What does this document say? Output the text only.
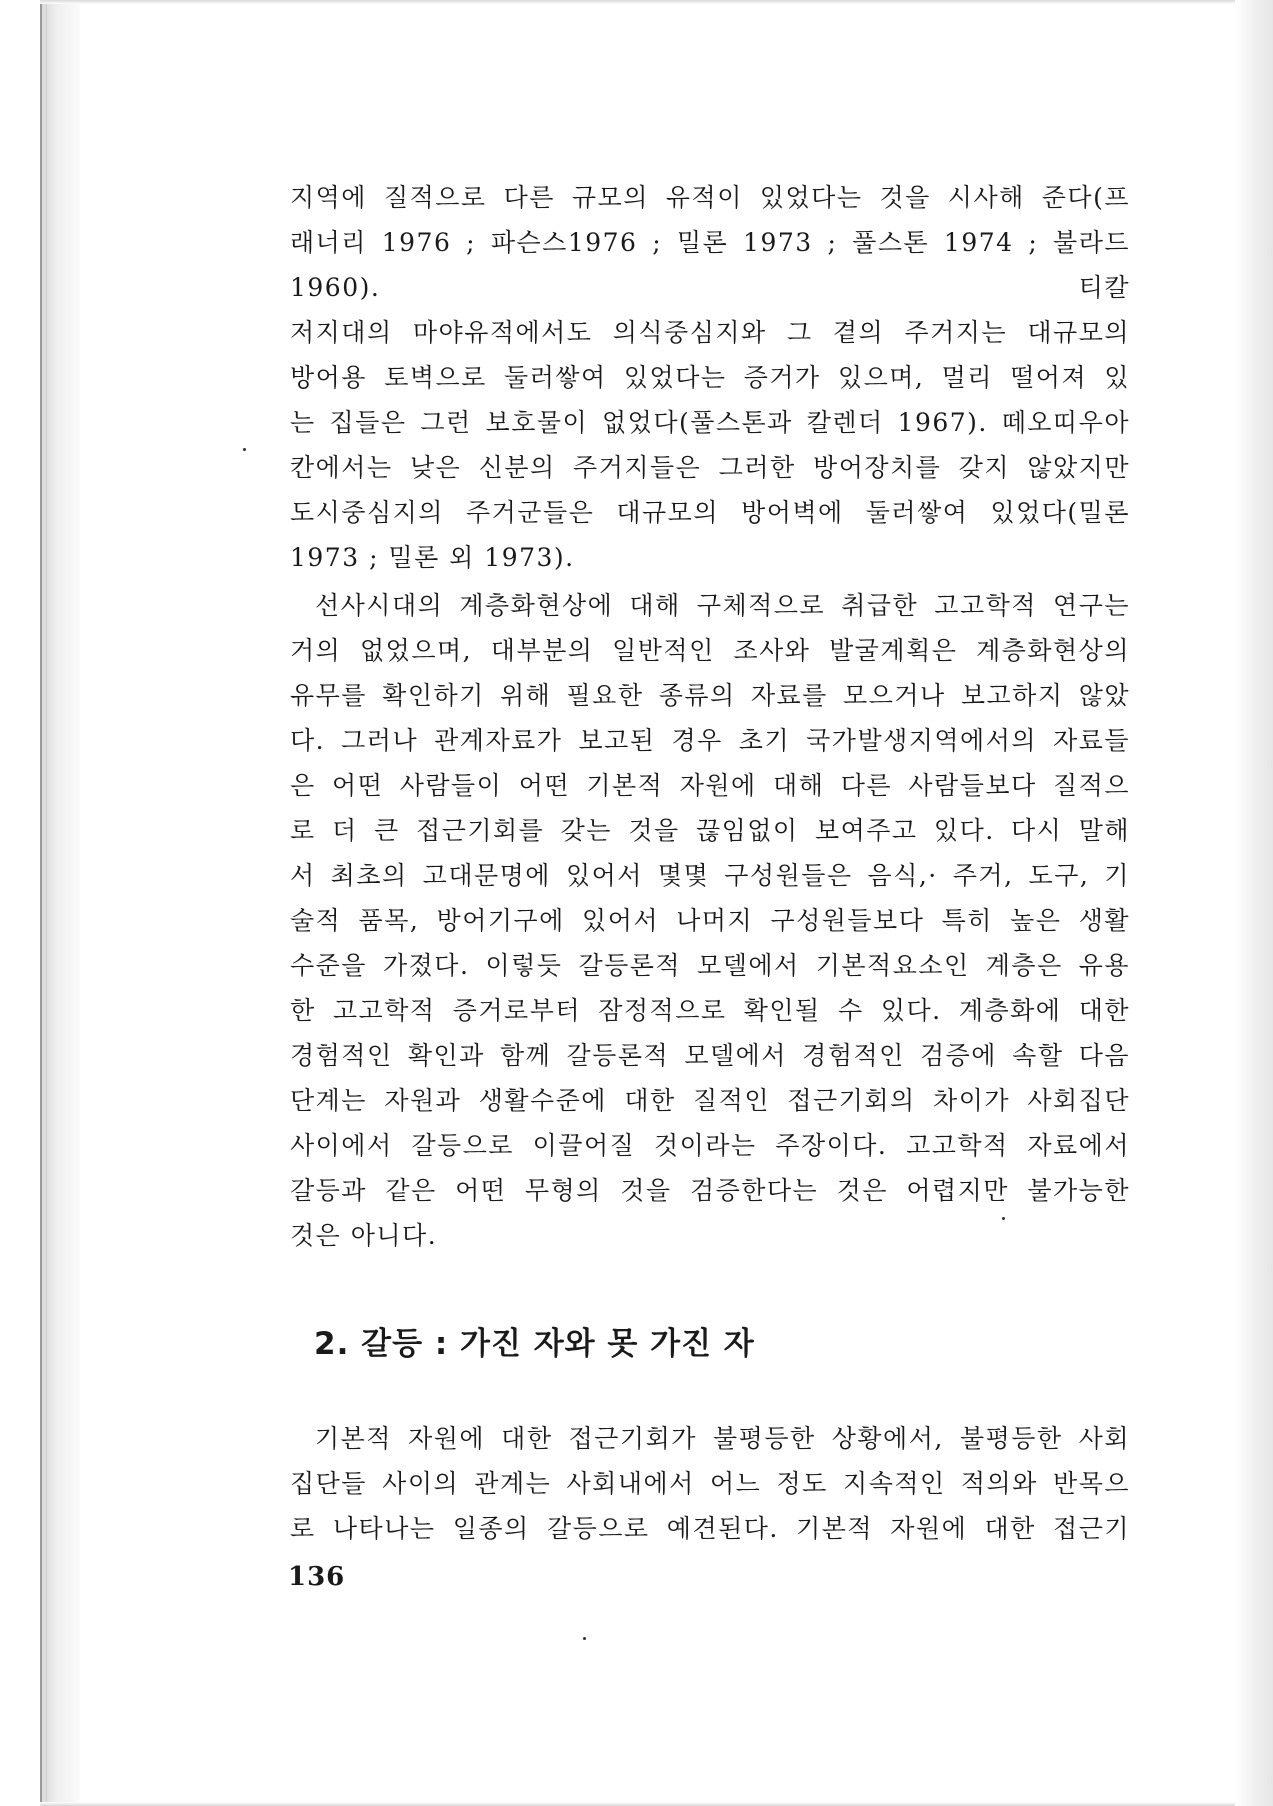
지역에 질적으로 다른 규모의 유적이 있었다는 것을 시사해 준다(프
래너리 1976 ; 파슨스1976 ; 밀론 1973 ; 풀스톤 1974 ; 불라드 1960). 티칼
저지대의 마야유적에서도 의식중심지와 그 곁의 주거지는 대규모의
방어용 토벽으로 둘러쌓여 있었다는 증거가 있으며, 멀리 떨어져 있
는 집들은 그런 보호물이 없었다(풀스톤과 칼렌더 1967). 떼오띠우아
칸에서는 낮은 신분의 주거지들은 그러한 방어장치를 갖지 않았지만
도시중심지의 주거군들은 대규모의 방어벽에 둘러쌓여 있었다(밀론
1973 ; 밀론 외 1973).
선사시대의 계층화현상에 대해 구체적으로 취급한 고고학적 연구는
거의 없었으며, 대부분의 일반적인 조사와 발굴계획은 계층화현상의
유무를 확인하기 위해 필요한 종류의 자료를 모으거나 보고하지 않았
다. 그러나 관계자료가 보고된 경우 초기 국가발생지역에서의 자료들
은 어떤 사람들이 어떤 기본적 자원에 대해 다른 사람들보다 질적으
로 더 큰 접근기회를 갖는 것을 끊임없이 보여주고 있다. 다시 말해
서 최초의 고대문명에 있어서 몇몇 구성원들은 음식,· 주거, 도구, 기
술적 품목, 방어기구에 있어서 나머지 구성원들보다 특히 높은 생활
수준을 가졌다. 이렇듯 갈등론적 모델에서 기본적요소인 계층은 유용
한 고고학적 증거로부터 잠정적으로 확인될 수 있다. 계층화에 대한
경험적인 확인과 함께 갈등론적 모델에서 경험적인 검증에 속할 다음
단계는 자원과 생활수준에 대한 질적인 접근기회의 차이가 사회집단
사이에서 갈등으로 이끌어질 것이라는 주장이다. 고고학적 자료에서
갈등과 같은 어떤 무형의 것을 검증한다는 것은 어렵지만 불가능한
것은 아니다.
2. 갈등 : 가진 자와 못 가진 자
기본적 자원에 대한 접근기회가 불평등한 상황에서, 불평등한 사회
집단들 사이의 관계는 사회내에서 어느 정도 지속적인 적의와 반목으
로 나타나는 일종의 갈등으로 예견된다. 기본적 자원에 대한 접근기
136
